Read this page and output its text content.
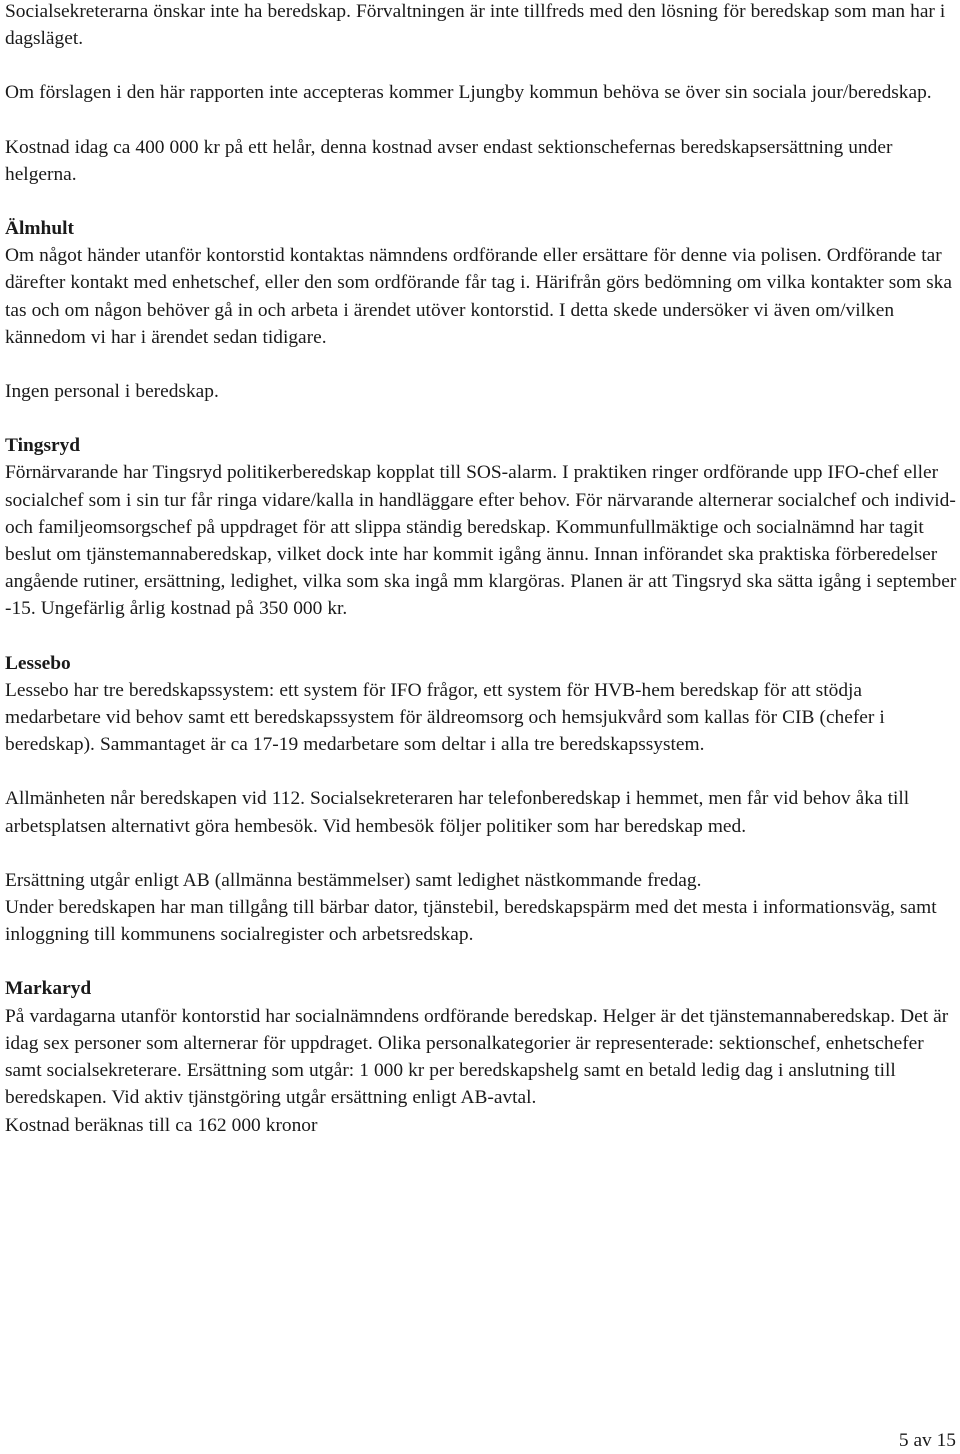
Socialsekreterarna önskar inte ha beredskap. Förvaltningen är inte tillfreds med den lösning för beredskap som man har i dagsläget.

Om förslagen i den här rapporten inte accepteras kommer Ljungby kommun behöva se över sin sociala jour/beredskap.

Kostnad idag ca 400 000 kr på ett helår, denna kostnad avser endast sektionschefernas beredskapsersättning under helgerna.

Älmhult

Om något händer utanför kontorstid kontaktas nämndens ordförande eller ersättare för denne via polisen. Ordförande tar därefter kontakt med enhetschef, eller den som ordförande får tag i. Härifrån görs bedömning om vilka kontakter som ska tas och om någon behöver gå in och arbeta i ärendet utöver kontorstid. I detta skede undersöker vi även om/vilken kännedom vi har i ärendet sedan tidigare.

Ingen personal i beredskap.

Tingsryd

Förnärvarande har Tingsryd politikerberedskap kopplat till SOS-alarm. I praktiken ringer ordförande upp IFO-chef eller socialchef som i sin tur får ringa vidare/kalla in handläggare efter behov. För närvarande alternerar socialchef och individ- och familjeomsorgschef på uppdraget för att slippa ständig beredskap. Kommunfullmäktige och socialnämnd har tagit beslut om tjänstemannaberedskap, vilket dock inte har kommit igång ännu. Innan införandet ska praktiska förberedelser angående rutiner, ersättning, ledighet, vilka som ska ingå mm klargöras. Planen är att Tingsryd ska sätta igång i september -15. Ungefärlig årlig kostnad på 350 000 kr.

Lessebo

Lessebo har tre beredskapssystem: ett system för IFO frågor, ett system för HVB-hem beredskap för att stödja medarbetare vid behov samt ett beredskapssystem för äldreomsorg och hemsjukvård som kallas för CIB (chefer i beredskap). Sammantaget är ca 17-19 medarbetare som deltar i alla tre beredskapssystem.

Allmänheten når beredskapen vid 112. Socialsekreteraren har telefonberedskap i hemmet, men får vid behov åka till arbetsplatsen alternativt göra hembesök. Vid hembesök följer politiker som har beredskap med.

Ersättning utgår enligt AB (allmänna bestämmelser) samt ledighet nästkommande fredag.

Under beredskapen har man tillgång till bärbar dator, tjänstebil, beredskapspärm med det mesta i informationsväg, samt inloggning till kommunens socialregister och arbetsredskap.

Markaryd

På vardagarna utanför kontorstid har socialnämndens ordförande beredskap. Helger är det tjänstemannaberedskap. Det är idag sex personer som alternerar för uppdraget. Olika personalkategorier är representerade: sektionschef, enhetschefer samt socialsekreterare. Ersättning som utgår: 1 000 kr per beredskapshelg samt en betald ledig dag i anslutning till beredskapen. Vid aktiv tjänstgöring utgår ersättning enligt AB-avtal.

Kostnad beräknas till ca 162 000 kronor

5 av 15
